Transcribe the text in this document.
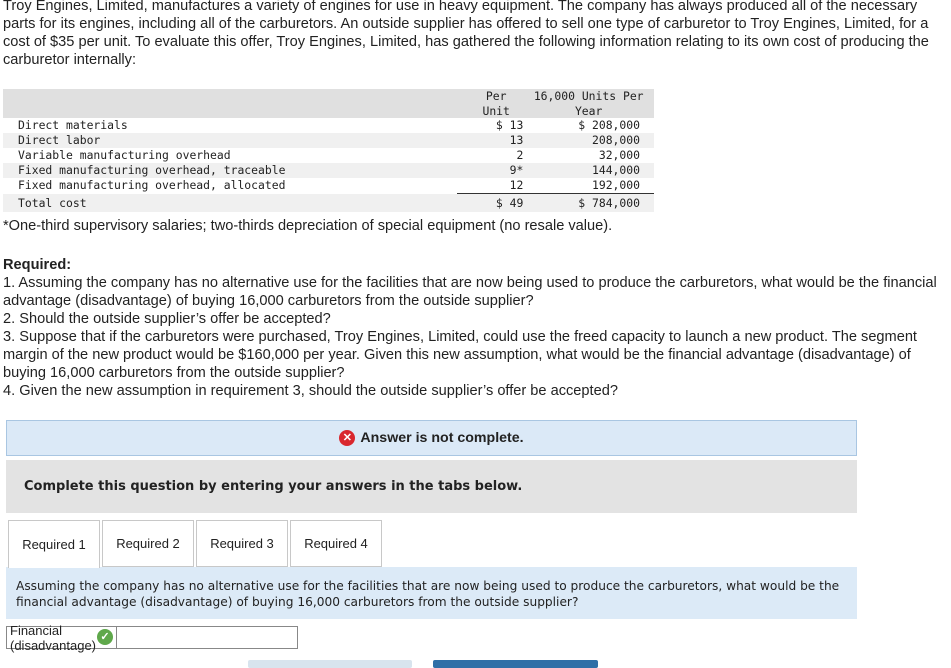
Troy Engines, Limited, manufactures a variety of engines for use in heavy equipment. The company has always produced all of the necessary parts for its engines, including all of the carburetors. An outside supplier has offered to sell one type of carburetor to Troy Engines, Limited, for a cost of $35 per unit. To evaluate this offer, Troy Engines, Limited, has gathered the following information relating to its own cost of producing the carburetor internally:
	Per	16,000 Units Per
	Unit	Year
Direct materials	$ 13	$ 208,000
Direct labor	13	208,000
Variable manufacturing overhead	2	32,000
Fixed manufacturing overhead, traceable	9*	144,000
Fixed manufacturing overhead, allocated	12	192,000
Total cost	$ 49	$ 784,000
*One-third supervisory salaries; two-thirds depreciation of special equipment (no resale value).
Required:
1. Assuming the company has no alternative use for the facilities that are now being used to produce the carburetors, what would be the financial advantage (disadvantage) of buying 16,000 carburetors from the outside supplier?
2. Should the outside supplier’s offer be accepted?
3. Suppose that if the carburetors were purchased, Troy Engines, Limited, could use the freed capacity to launch a new product. The segment margin of the new product would be $160,000 per year. Given this new assumption, what would be the financial advantage (disadvantage) of buying 16,000 carburetors from the outside supplier?
4. Given the new assumption in requirement 3, should the outside supplier’s offer be accepted?
✕ Answer is not complete.
Complete this question by entering your answers in the tabs below.
Required 1	Required 2	Required 3	Required 4
Assuming the company has no alternative use for the facilities that are now being used to produce the carburetors, what would be the financial advantage (disadvantage) of buying 16,000 carburetors from the outside supplier?
Financial (disadvantage)
✓
